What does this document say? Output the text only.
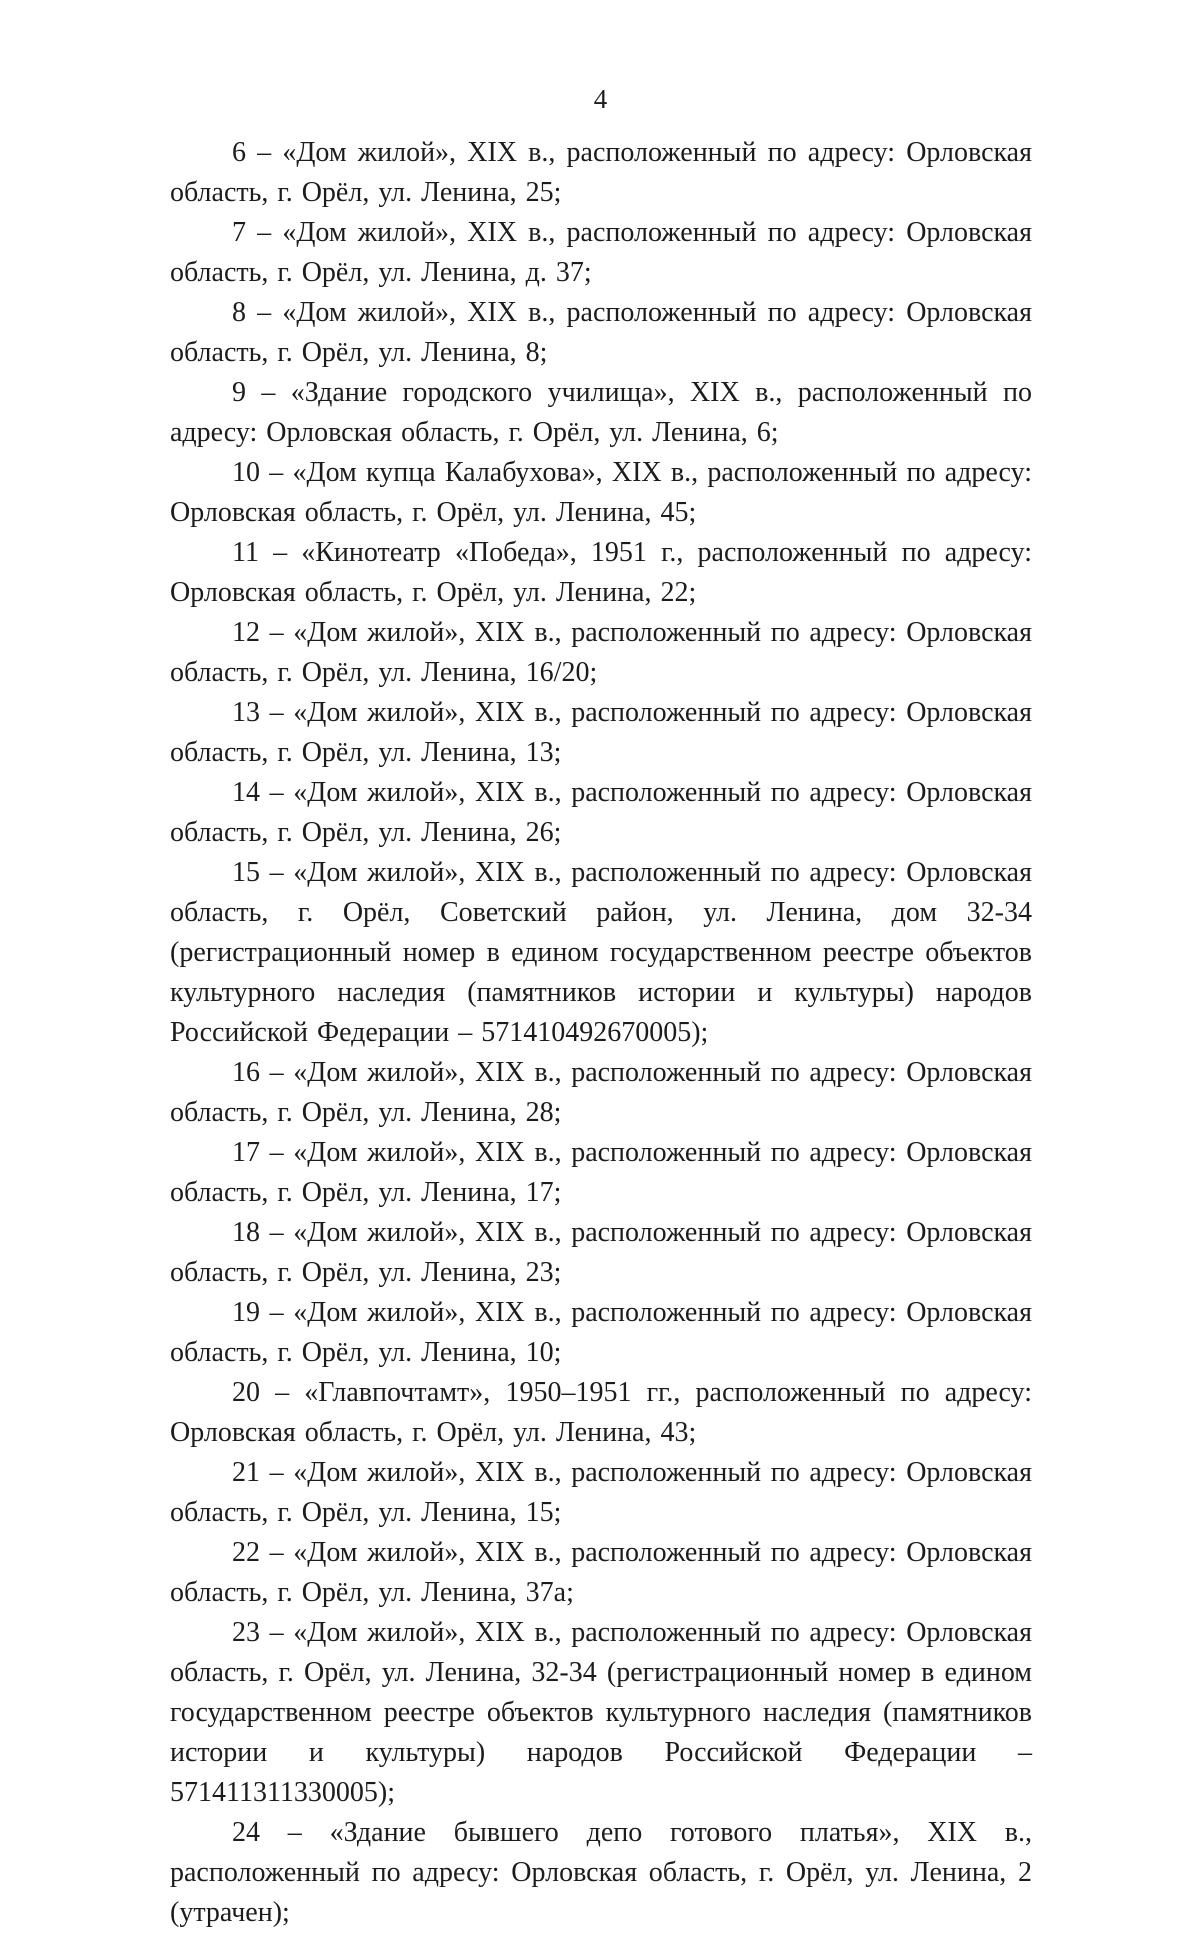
4

6 – «Дом жилой», XIX в., расположенный по адресу: Орловская область, г. Орёл, ул. Ленина, 25;

7 – «Дом жилой», XIX в., расположенный по адресу: Орловская область, г. Орёл, ул. Ленина, д. 37;

8 – «Дом жилой», XIX в., расположенный по адресу: Орловская область, г. Орёл, ул. Ленина, 8;

9 – «Здание городского училища», XIX в., расположенный по адресу: Орловская область, г. Орёл, ул. Ленина, 6;

10 – «Дом купца Калабухова», XIX в., расположенный по адресу: Орловская область, г. Орёл, ул. Ленина, 45;

11 – «Кинотеатр «Победа», 1951 г., расположенный по адресу: Орловская область, г. Орёл, ул. Ленина, 22;

12 – «Дом жилой», XIX в., расположенный по адресу: Орловская область, г. Орёл, ул. Ленина, 16/20;

13 – «Дом жилой», XIX в., расположенный по адресу: Орловская область, г. Орёл, ул. Ленина, 13;

14 – «Дом жилой», XIX в., расположенный по адресу: Орловская область, г. Орёл, ул. Ленина, 26;

15 – «Дом жилой», XIX в., расположенный по адресу: Орловская область, г. Орёл, Советский район, ул. Ленина, дом 32-34 (регистрационный номер в едином государственном реестре объектов культурного наследия (памятников истории и культуры) народов Российской Федерации – 571410492670005);

16 – «Дом жилой», XIX в., расположенный по адресу: Орловская область, г. Орёл, ул. Ленина, 28;

17 – «Дом жилой», XIX в., расположенный по адресу: Орловская область, г. Орёл, ул. Ленина, 17;

18 – «Дом жилой», XIX в., расположенный по адресу: Орловская область, г. Орёл, ул. Ленина, 23;

19 – «Дом жилой», XIX в., расположенный по адресу: Орловская область, г. Орёл, ул. Ленина, 10;

20 – «Главпочтамт», 1950–1951 гг., расположенный по адресу: Орловская область, г. Орёл, ул. Ленина, 43;

21 – «Дом жилой», XIX в., расположенный по адресу: Орловская область, г. Орёл, ул. Ленина, 15;

22 – «Дом жилой», XIX в., расположенный по адресу: Орловская область, г. Орёл, ул. Ленина, 37а;

23 – «Дом жилой», XIX в., расположенный по адресу: Орловская область, г. Орёл, ул. Ленина, 32-34 (регистрационный номер в едином государственном реестре объектов культурного наследия (памятников истории и культуры) народов Российской Федерации – 571411311330005);

24 – «Здание бывшего депо готового платья», XIX в., расположенный по адресу: Орловская область, г. Орёл, ул. Ленина, 2 (утрачен);
